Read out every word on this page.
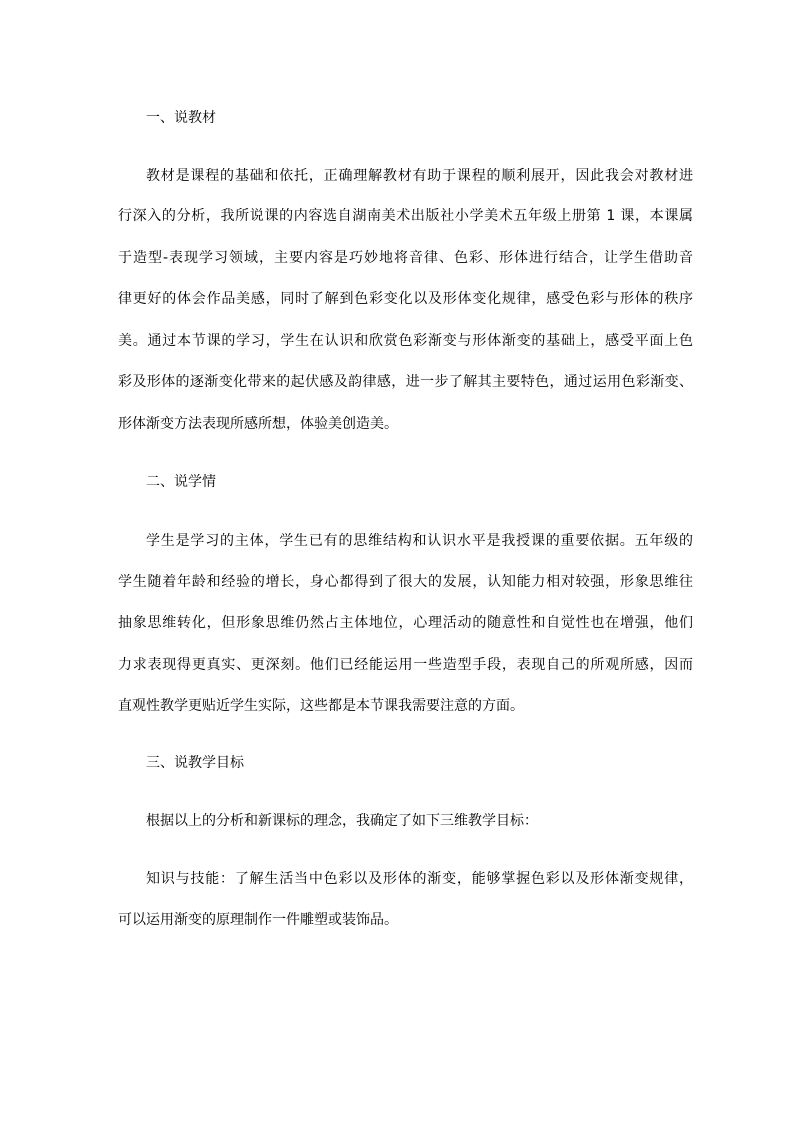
一、说教材
教材是课程的基础和依托，正确理解教材有助于课程的顺利展开，因此我会对教材进
行深入的分析，我所说课的内容选自湖南美术出版社小学美术五年级上册第 1 课，本课属
于造型-表现学习领域，主要内容是巧妙地将音律、色彩、形体进行结合，让学生借助音
律更好的体会作品美感，同时了解到色彩变化以及形体变化规律，感受色彩与形体的秩序
美。通过本节课的学习，学生在认识和欣赏色彩渐变与形体渐变的基础上，感受平面上色
彩及形体的逐渐变化带来的起伏感及韵律感，进一步了解其主要特色，通过运用色彩渐变、
形体渐变方法表现所感所想，体验美创造美。
二、说学情
学生是学习的主体，学生已有的思维结构和认识水平是我授课的重要依据。五年级的
学生随着年龄和经验的增长，身心都得到了很大的发展，认知能力相对较强，形象思维往
抽象思维转化，但形象思维仍然占主体地位，心理活动的随意性和自觉性也在增强，他们
力求表现得更真实、更深刻。他们已经能运用一些造型手段，表现自己的所观所感，因而
直观性教学更贴近学生实际，这些都是本节课我需要注意的方面。
三、说教学目标
根据以上的分析和新课标的理念，我确定了如下三维教学目标：
知识与技能：了解生活当中色彩以及形体的渐变，能够掌握色彩以及形体渐变规律，
可以运用渐变的原理制作一件雕塑或装饰品。
